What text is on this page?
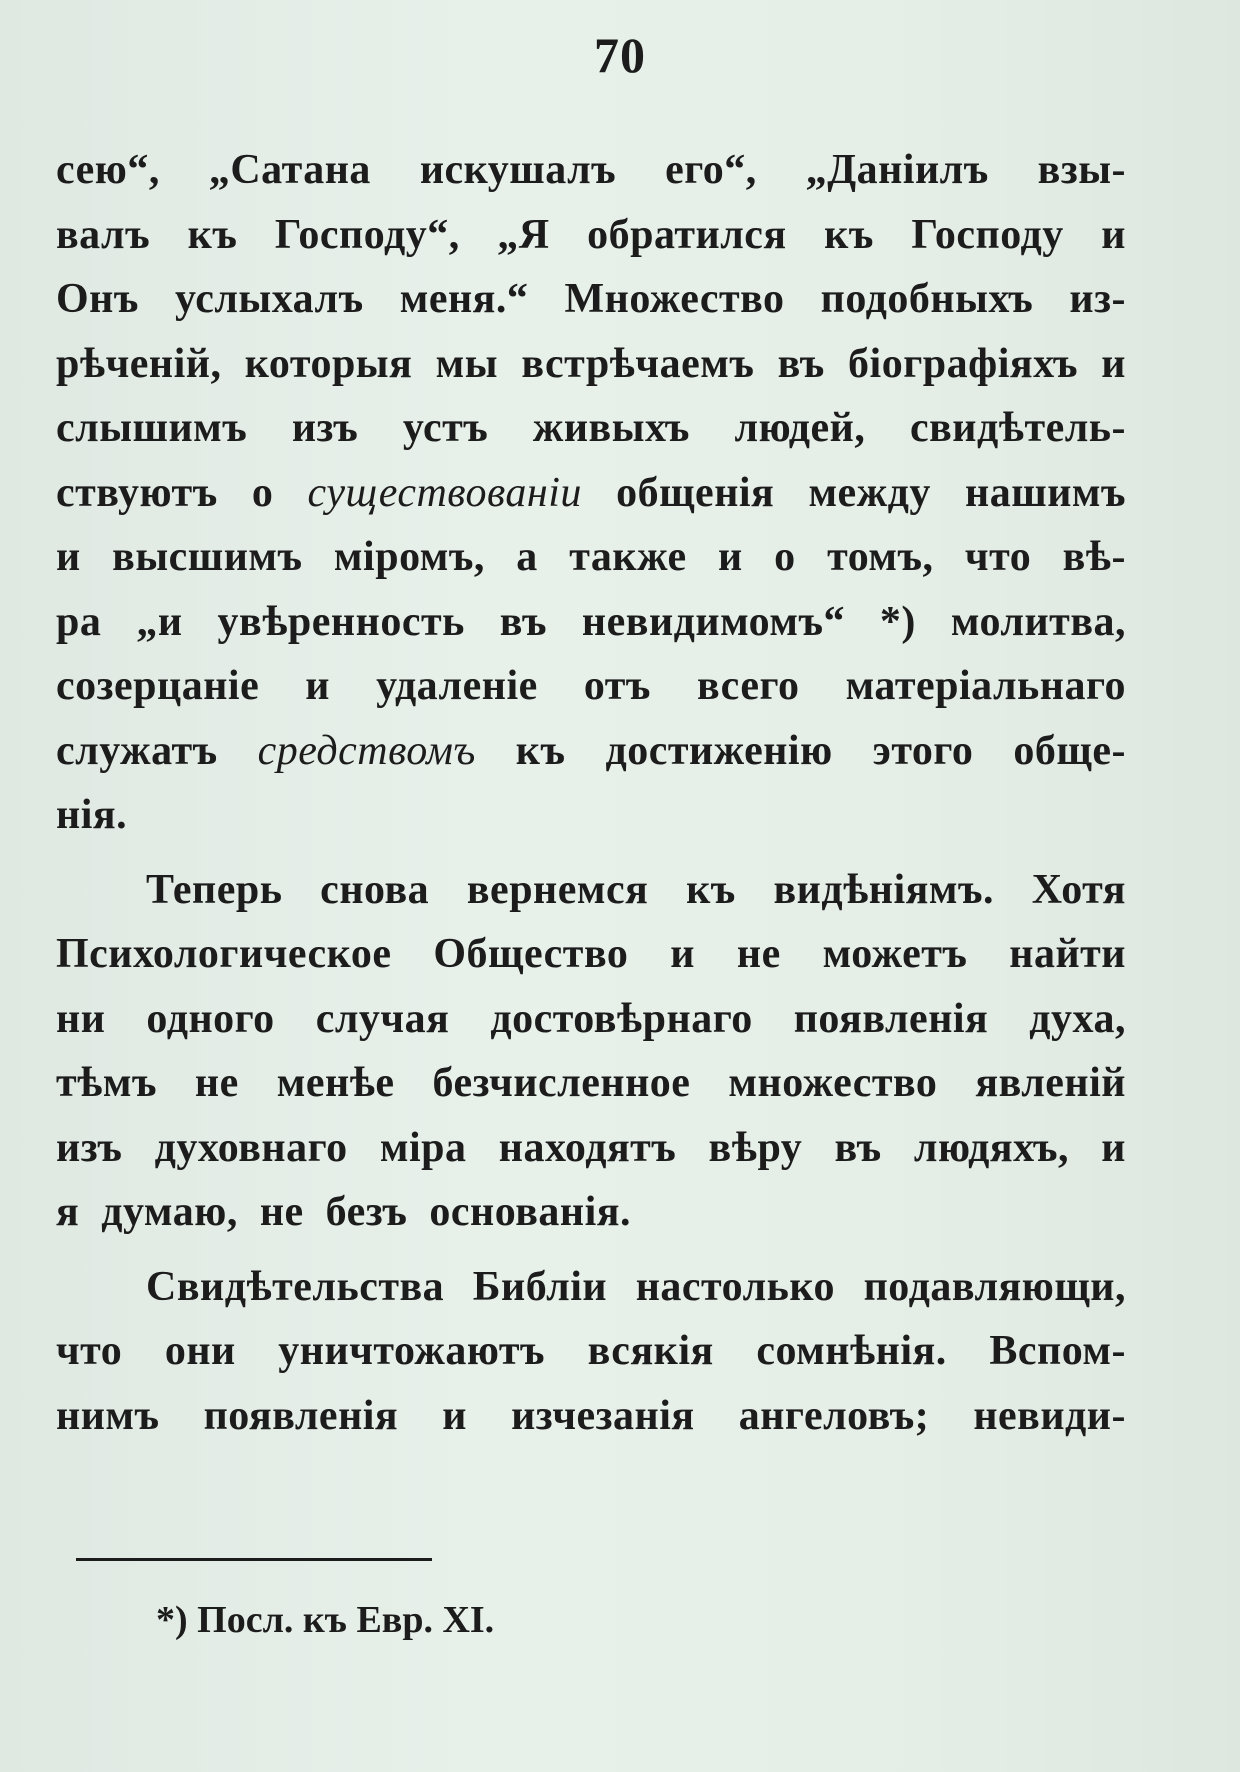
70
сею“,  „Сатана  искушалъ  его“,  „Даніилъ  взы-
валъ  къ  Господу“,  „Я  обратился  къ  Господу  и
Онъ  услыхалъ  меня.“  Множество  подобныхъ  из-
рѣченій,  которыя  мы  встрѣчаемъ  въ  біографіяхъ  и
слышимъ  изъ  устъ  живыхъ  людей,  свидѣтель-
ствуютъ  о  существованіи  общенія  между  нашимъ
и  высшимъ  міромъ,  а  также  и  о  томъ,  что  вѣ-
ра  „и  увѣренность  въ  невидимомъ“  *)  молитва,
созерцаніе  и  удаленіе  отъ  всего  матеріальнаго
служатъ  средствомъ  къ  достиженію  этого  обще-
нія.
Теперь  снова  вернемся  къ  видѣніямъ.  Хотя
Психологическое  Общество  и  не  можетъ  найти
ни  одного  случая  достовѣрнаго  появленія  духа,
тѣмъ  не  менѣе  безчисленное  множество  явленій
изъ  духовнаго  міра  находятъ  вѣру  въ  людяхъ,  и
я  думаю,  не  безъ  основанія.
Свидѣтельства  Библіи  настолько  подавляющи,
что  они  уничтожаютъ  всякія  сомнѣнія.  Вспом-
нимъ  появленія  и  изчезанія  ангеловъ;  невиди-
*) Посл. къ Евр. XI.
